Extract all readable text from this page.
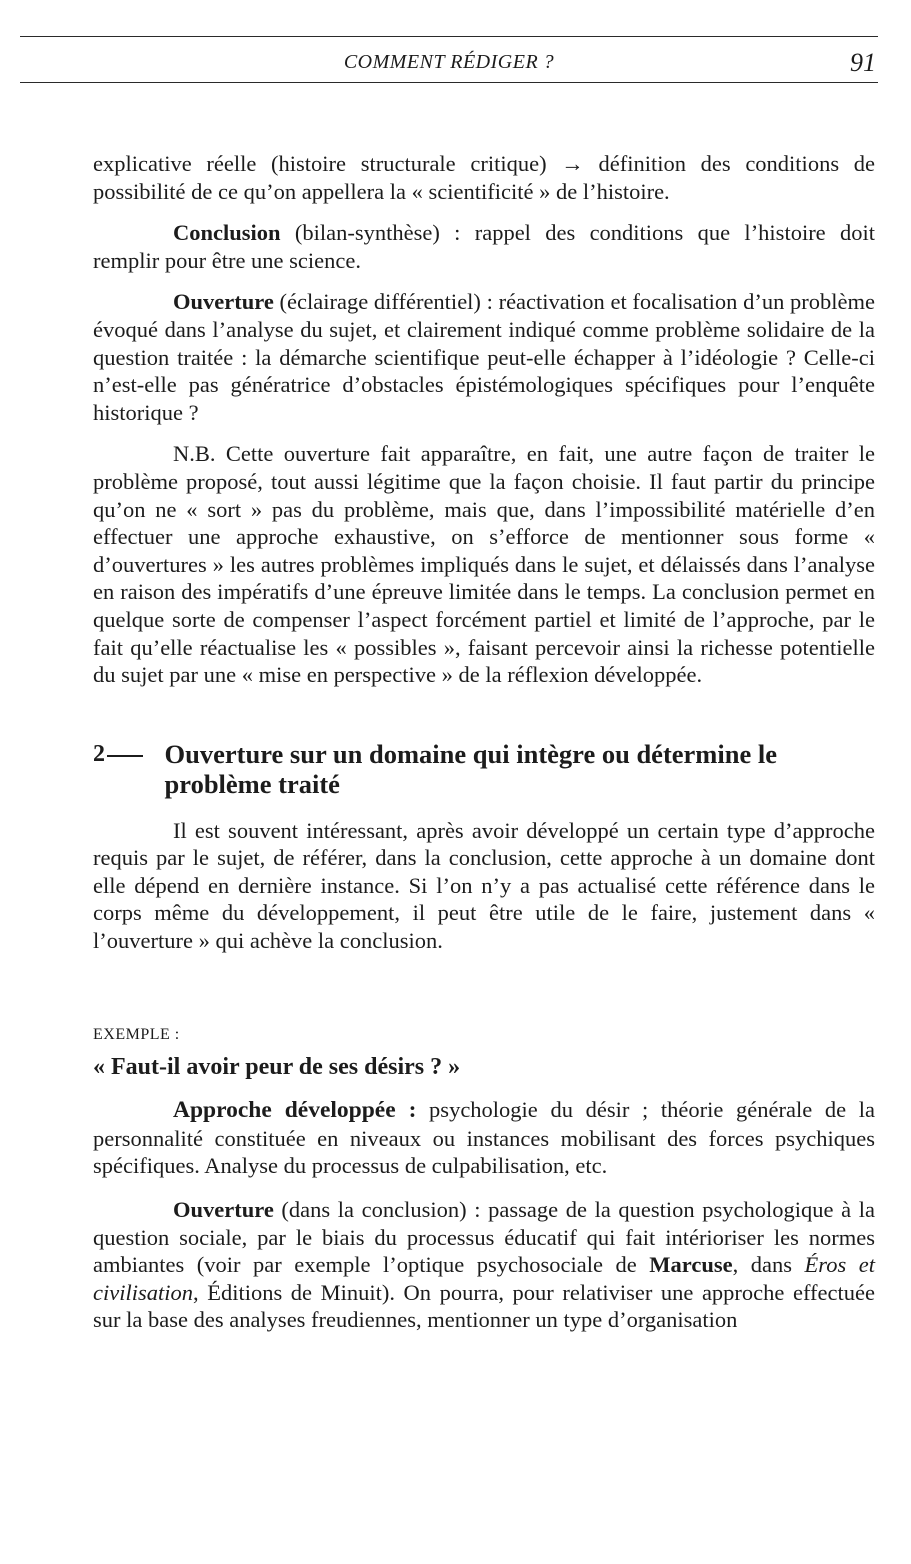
COMMENT RÉDIGER ?	91

explicative réelle (histoire structurale critique) → définition des conditions de possibilité de ce qu’on appellera la « scientificité » de l’histoire.

Conclusion (bilan-synthèse) : rappel des conditions que l’histoire doit remplir pour être une science.

Ouverture (éclairage différentiel) : réactivation et focalisation d’un problème évoqué dans l’analyse du sujet, et clairement indiqué comme problème solidaire de la question traitée : la démarche scientifique peut-elle échapper à l’idéologie ? Celle-ci n’est-elle pas génératrice d’obstacles épistémologiques spécifiques pour l’enquête historique ?

N.B. Cette ouverture fait apparaître, en fait, une autre façon de traiter le problème proposé, tout aussi légitime que la façon choisie. Il faut partir du principe qu’on ne « sort » pas du problème, mais que, dans l’impossibilité matérielle d’en effectuer une approche exhaustive, on s’efforce de mentionner sous forme « d’ouvertures » les autres problèmes impliqués dans le sujet, et délaissés dans l’analyse en raison des impératifs d’une épreuve limitée dans le temps. La conclusion permet en quelque sorte de compenser l’aspect forcément partiel et limité de l’approche, par le fait qu’elle réactualise les « possibles », faisant percevoir ainsi la richesse potentielle du sujet par une « mise en perspective » de la réflexion développée.

2	Ouverture sur un domaine qui intègre ou détermine le problème traité

Il est souvent intéressant, après avoir développé un certain type d’approche requis par le sujet, de référer, dans la conclusion, cette approche à un domaine dont elle dépend en dernière instance. Si l’on n’y a pas actualisé cette référence dans le corps même du développement, il peut être utile de le faire, justement dans « l’ouverture » qui achève la conclusion.

EXEMPLE :

« Faut-il avoir peur de ses désirs ? »

Approche développée : psychologie du désir ; théorie générale de la personnalité constituée en niveaux ou instances mobilisant des forces psychiques spécifiques. Analyse du processus de culpabilisation, etc.

Ouverture (dans la conclusion) : passage de la question psychologique à la question sociale, par le biais du processus éducatif qui fait intérioriser les normes ambiantes (voir par exemple l’optique psychosociale de Marcuse, dans Éros et civilisation, Éditions de Minuit). On pourra, pour relativiser une approche effectuée sur la base des analyses freudiennes, mentionner un type d’organisation
